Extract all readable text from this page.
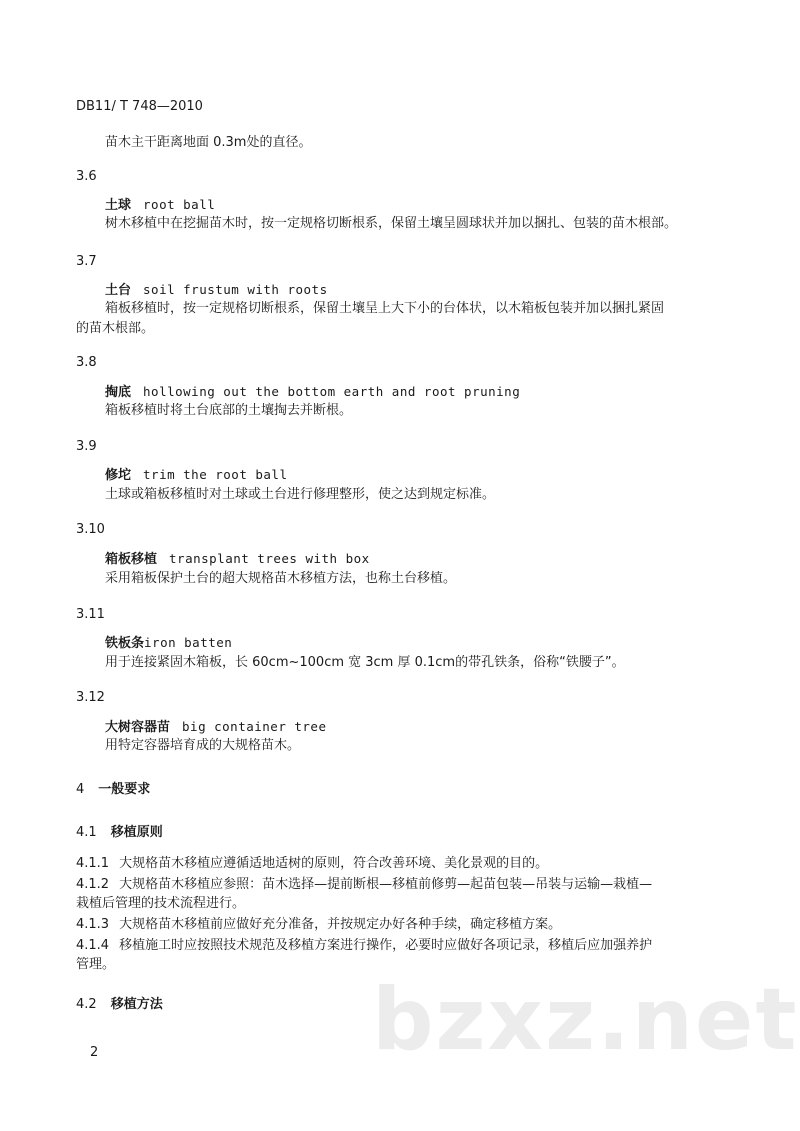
DB11/ T 748—2010
苗木主干距离地面 0.3m处的直径。
3.6
土球 root ball
树木移植中在挖掘苗木时，按一定规格切断根系，保留土壤呈圆球状并加以捆扎、包装的苗木根部。
3.7
土台 soil frustum with roots
箱板移植时，按一定规格切断根系，保留土壤呈上大下小的台体状，以木箱板包装并加以捆扎紧固
的苗木根部。
3.8
掏底 hollowing out the bottom earth and root pruning
箱板移植时将土台底部的土壤掏去并断根。
3.9
修坨 trim the root ball
土球或箱板移植时对土球或土台进行修理整形，使之达到规定标准。
3.10
箱板移植 transplant trees with box
采用箱板保护土台的超大规格苗木移植方法，也称土台移植。
3.11
铁板条iron batten
用于连接紧固木箱板，长 60cm~100cm 宽 3cm 厚 0.1cm的带孔铁条，俗称“铁腰子”。
3.12
大树容器苗 big container tree
用特定容器培育成的大规格苗木。
4 一般要求
4.1 移植原则
4.1.1 大规格苗木移植应遵循适地适树的原则，符合改善环境、美化景观的目的。
4.1.2 大规格苗木移植应参照：苗木选择—提前断根—移植前修剪—起苗包装—吊装与运输—栽植—
栽植后管理的技术流程进行。
4.1.3 大规格苗木移植前应做好充分准备，并按规定办好各种手续，确定移植方案。
4.1.4 移植施工时应按照技术规范及移植方案进行操作，必要时应做好各项记录，移植后应加强养护
管理。
4.2 移植方法 bzxz.net
2
